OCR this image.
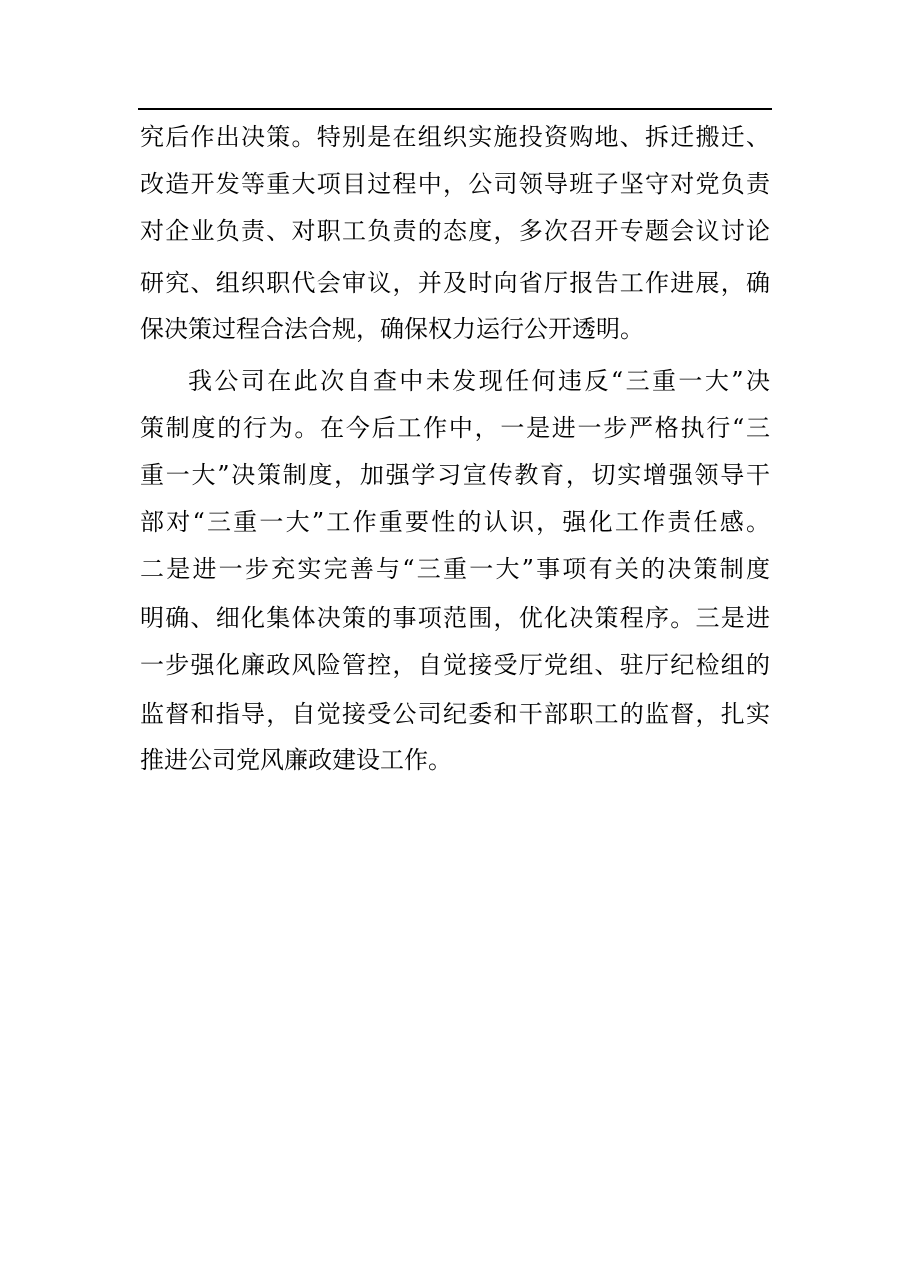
究后作出决策。特别是在组织实施投资购地、拆迁搬迁、
改造开发等重大项目过程中，公司领导班子坚守对党负责
对企业负责、对职工负责的态度，多次召开专题会议讨论
研究、组织职代会审议，并及时向省厅报告工作进展，确
保决策过程合法合规，确保权力运行公开透明。
我公司在此次自查中未发现任何违反“三重一大”决
策制度的行为。在今后工作中，一是进一步严格执行“三
重一大”决策制度，加强学习宣传教育，切实增强领导干
部对“三重一大”工作重要性的认识，强化工作责任感。
二是进一步充实完善与“三重一大”事项有关的决策制度
明确、细化集体决策的事项范围，优化决策程序。三是进
一步强化廉政风险管控，自觉接受厅党组、驻厅纪检组的
监督和指导，自觉接受公司纪委和干部职工的监督，扎实
推进公司党风廉政建设工作。
